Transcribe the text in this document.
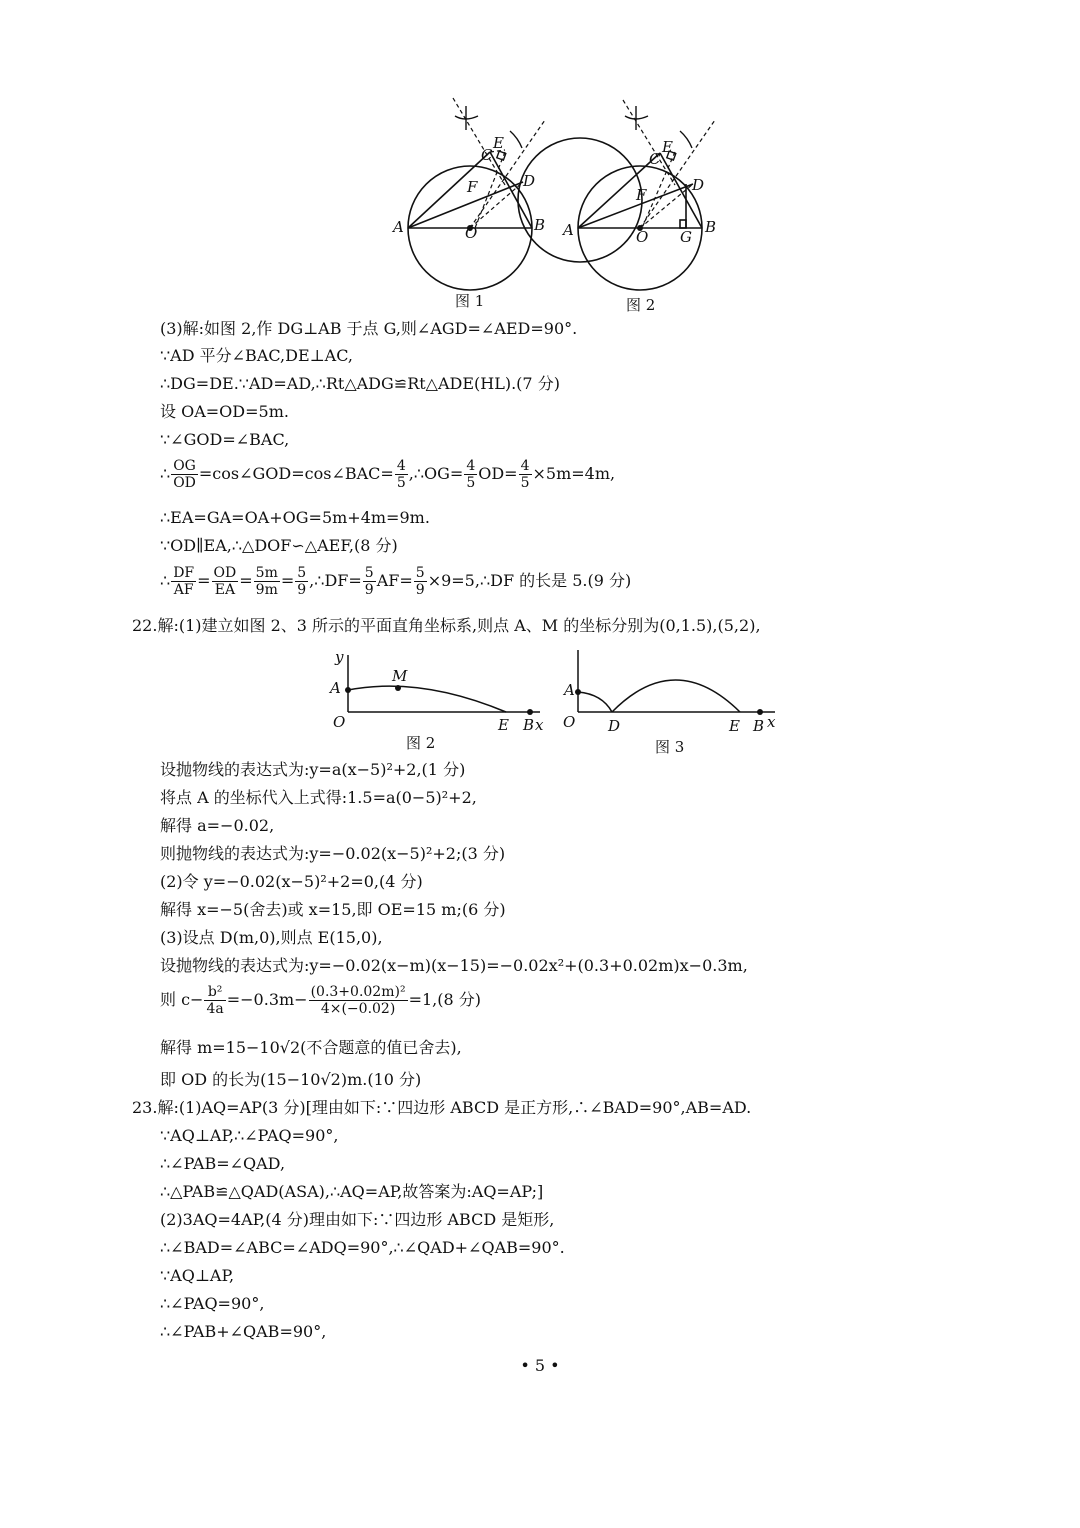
A	B
O
C
E
D
F
A	B
O G
C
E
D
F
图 1	图 2
(3)解:如图 2,作 DG⊥AB 于点 G,则∠AGD=∠AED=90°.
∵AD 平分∠BAC,DE⊥AC,
∴DG=DE.∵AD=AD,∴Rt△ADG≌Rt△ADE(HL).(7 分)
设 OA=OD=5m.
∵∠GOD=∠BAC,
∴ $\frac{OG}{OD}$ =cos∠GOD=cos∠BAC= $\frac{4}{5}$ ,∴OG= $\frac{4}{5} OD= \frac{4}{5} \times 5m=4m$,
∴EA=GA=OA+OG=5m+4m=9m.
∵OD∥EA,∴△DOF∽△AEF,(8 分)
∴ $\frac{DF}{AF} = \frac{OD}{EA} = \frac{5m}{9m} = \frac{5}{9}$ ,∴DF= $\frac{5}{9} AF= \frac{5}{9}$ ×9=5,∴DF 的长是 5.(9 分)
22.解:(1)建立如图 2、3 所示的平面直角坐标系,则点 A、M 的坐标分别为(0,1.5),(5,2),
y
A
M
O	E B x
A
O D	E B x
图 2	图 3
设抛物线的表达式为:y=a(x−5)²+2,(1 分)
将点 A 的坐标代入上式得:1.5=a(0−5)²+2,
解得 a=−0.02,
则抛物线的表达式为:y=−0.02(x−5)²+2;(3 分)
(2)令 y=−0.02(x−5)²+2=0,(4 分)
解得 x=−5(舍去)或 x=15,即 OE=15 m;(6 分)
(3)设点 D(m,0),则点 E(15,0),
设抛物线的表达式为:y=−0.02(x−m)(x−15)=−0.02x²+(0.3+0.02m)x−0.3m,
则 $c- \frac{\text{b²}}{4a} =-0.3m- \frac{\text{(0.3+0.02m)²}}{4\times(-0.02)} =1,(8$ 分)
解得 m=15−10√2(不合题意的值已舍去),
即 OD 的长为(15−10√2)m.(10 分)
23.解:(1)AQ=AP(3 分)[理由如下:∵四边形 ABCD 是正方形,∴∠BAD=90°,AB=AD.
∵AQ⊥AP,∴∠PAQ=90°,
∴∠PAB=∠QAD,
∴△PAB≌△QAD(ASA),∴AQ=AP,故答案为:AQ=AP;]
(2)3AQ=4AP,(4 分)理由如下:∵四边形 ABCD 是矩形,
∴∠BAD=∠ABC=∠ADQ=90°,∴∠QAD+∠QAB=90°.
∵AQ⊥AP,
∴∠PAQ=90°,
∴∠PAB+∠QAB=90°,
• 5 •
